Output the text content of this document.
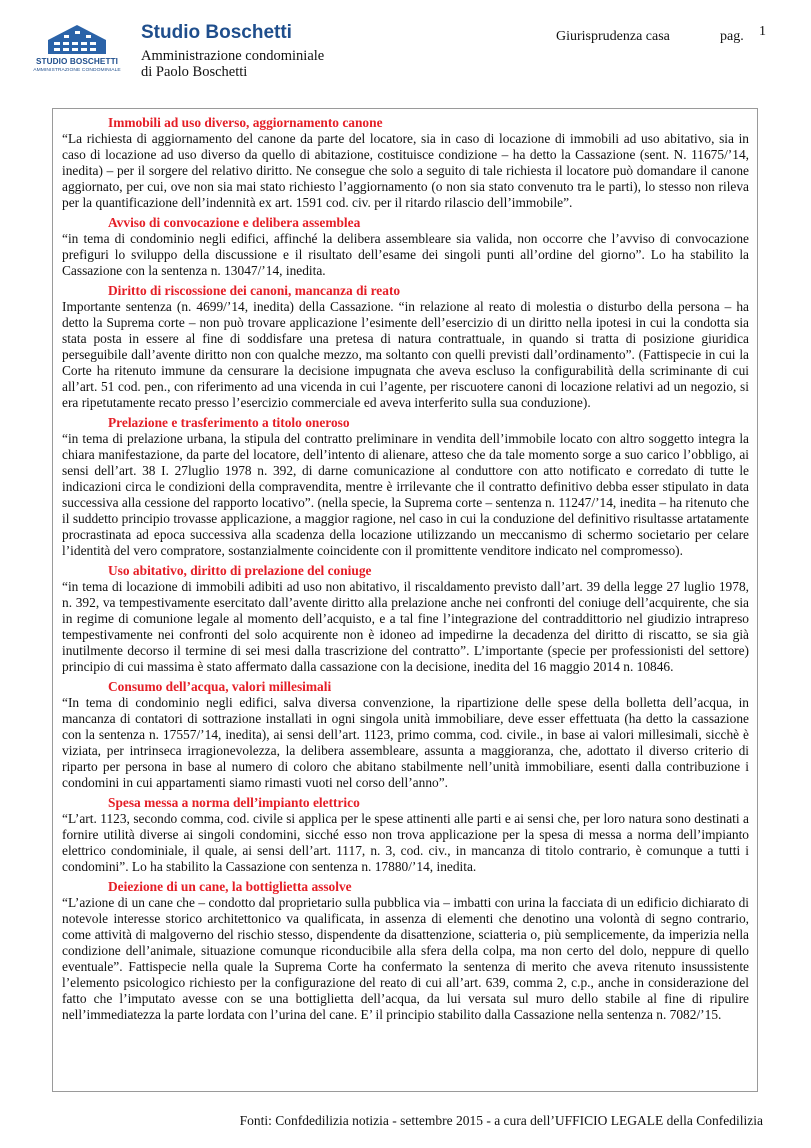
STUDIO BOSCHETTI
AMMINISTRAZIONE CONDOMINIALE
Studio Boschetti
Amministrazione condominiale
di Paolo Boschetti
Giurisprudenza casa	pag. 1
Immobili ad uso diverso, aggiornamento canone

“La richiesta di aggiornamento del canone da parte del locatore, sia in caso di locazione di immobili ad uso abitativo, sia in caso di locazione ad uso diverso da quello di abitazione, costituisce condizione – ha detto la Cassazione (sent. N. 11675/’14, inedita) – per il sorgere del relativo diritto. Ne consegue che solo a seguito di tale richiesta il locatore può domandare il canone aggiornato, per cui, ove non sia mai stato richiesto l’aggiornamento (o non sia stato convenuto tra le parti), lo stesso non rileva per la quantificazione dell’indennità ex art. 1591 cod. civ. per il ritardo rilascio dell’immobile”.

Avviso di convocazione e delibera assemblea

“in tema di condominio negli edifici, affinché la delibera assembleare sia valida, non occorre che l’avviso di convocazione prefiguri lo sviluppo della discussione e il risultato dell’esame dei singoli punti all’ordine del giorno”. Lo ha stabilito la Cassazione con la sentenza n. 13047/’14, inedita.

Diritto di riscossione dei canoni, mancanza di reato

Importante sentenza (n. 4699/’14, inedita) della Cassazione. “in relazione al reato di molestia o disturbo della persona – ha detto la Suprema corte – non può trovare applicazione l’esimente dell’esercizio di un diritto nella ipotesi in cui la condotta sia stata posta in essere al fine di soddisfare una pretesa di natura contrattuale, in quando si tratta di posizione giuridica perseguibile dall’avente diritto non con qualche mezzo, ma soltanto con quelli previsti dall’ordinamento”. (Fattispecie in cui la Corte ha ritenuto immune da censurare la decisione impugnata che aveva escluso la configurabilità della scriminante di cui all’art. 51 cod. pen., con riferimento ad una vicenda in cui l’agente, per riscuotere canoni di locazione relativi ad un negozio, si era ripetutamente recato presso l’esercizio commerciale ed aveva interferito sulla sua conduzione).

Prelazione e trasferimento a titolo oneroso

“in tema di prelazione urbana, la stipula del contratto preliminare in vendita dell’immobile locato con altro soggetto integra la chiara manifestazione, da parte del locatore, dell’intento di alienare, atteso che da tale momento sorge a suo carico l’obbligo, ai sensi dell’art. 38 I. 27luglio 1978 n. 392, di darne comunicazione al conduttore con atto notificato e corredato di tutte le indicazioni circa le condizioni della compravendita, mentre è irrilevante che il contratto definitivo debba esser stipulato in data successiva alla cessione del rapporto locativo”. (nella specie, la Suprema corte – sentenza n. 11247/’14, inedita – ha ritenuto che il suddetto principio trovasse applicazione, a maggior ragione, nel caso in cui la conduzione del definitivo risultasse artatamente procrastinata ad epoca successiva alla scadenza della locazione utilizzando un meccanismo di schermo societario per celare l’identità del vero compratore, sostanzialmente coincidente con il promittente venditore indicato nel compromesso).

Uso abitativo, diritto di prelazione del coniuge

“in tema di locazione di immobili adibiti ad uso non abitativo, il riscaldamento previsto dall’art. 39 della legge 27 luglio 1978, n. 392, va tempestivamente esercitato dall’avente diritto alla prelazione anche nei confronti del coniuge dell’acquirente, che sia in regime di comunione legale al momento dell’acquisto, e a tal fine l’integrazione del contraddittorio nel giudizio intrapreso tempestivamente nei confronti del solo acquirente non è idoneo ad impedirne la decadenza del diritto di riscatto, se sia già inutilmente decorso il termine di sei mesi dalla trascrizione del contratto”. L’importante (specie per professionisti del settore) principio di cui massima è stato affermato dalla cassazione con la decisione, inedita del 16 maggio 2014 n. 10846.

Consumo dell’acqua, valori millesimali

“In tema di condominio negli edifici, salva diversa convenzione, la ripartizione delle spese della bolletta dell’acqua, in mancanza di contatori di sottrazione installati in ogni singola unità immobiliare, deve esser effettuata (ha detto la cassazione con la sentenza n. 17557/’14, inedita), ai sensi dell’art. 1123, primo comma, cod. civile., in base ai valori millesimali, sicchè è viziata, per intrinseca irragionevolezza, la delibera assembleare, assunta a maggioranza, che, adottato il diverso criterio di riparto per persona in base al numero di coloro che abitano stabilmente nell’unità immobiliare, esenti dalla contribuzione i condomini in cui appartamenti siamo rimasti vuoti nel corso dell’anno”.

Spesa messa a norma dell’impianto elettrico

“L’art. 1123, secondo comma, cod. civile si applica per le spese attinenti alle parti e ai sensi che, per loro natura sono destinati a fornire utilità diverse ai singoli condomini, sicché esso non trova applicazione per la spesa di messa a norma dell’impianto elettrico condominiale, il quale, ai sensi dell’art. 1117, n. 3, cod. civ., in mancanza di titolo contrario, è comunque a tutti i condomini”. Lo ha stabilito la Cassazione con sentenza n. 17880/’14, inedita.

Deiezione di un cane, la bottiglietta assolve

“L’azione di un cane che – condotto dal proprietario sulla pubblica via – imbatti con urina la facciata di un edificio dichiarato di notevole interesse storico architettonico va qualificata, in assenza di elementi che denotino una volontà di segno contrario, come attività di malgoverno del rischio stesso, dispendente da disattenzione, sciatteria o, più semplicemente, da imperizia nella condizione dell’animale, situazione comunque riconducibile alla sfera della colpa, ma non certo del dolo, neppure di quello eventuale”. Fattispecie nella quale la Suprema Corte ha confermato la sentenza di merito che aveva ritenuto insussistente l’elemento psicologico richiesto per la configurazione del reato di cui all’art. 639, comma 2, c.p., anche in considerazione del fatto che l’imputato avesse con se una bottiglietta dell’acqua, da lui versata sul muro dello stabile al fine di ripulire nell’immediatezza la parte lordata con l’urina del cane. E’ il principio stabilito dalla Cassazione nella sentenza n. 7082/’15.

Fonti: Confdedilizia notizia - settembre 2015 - a cura dell’UFFICIO LEGALE della Confedilizia
